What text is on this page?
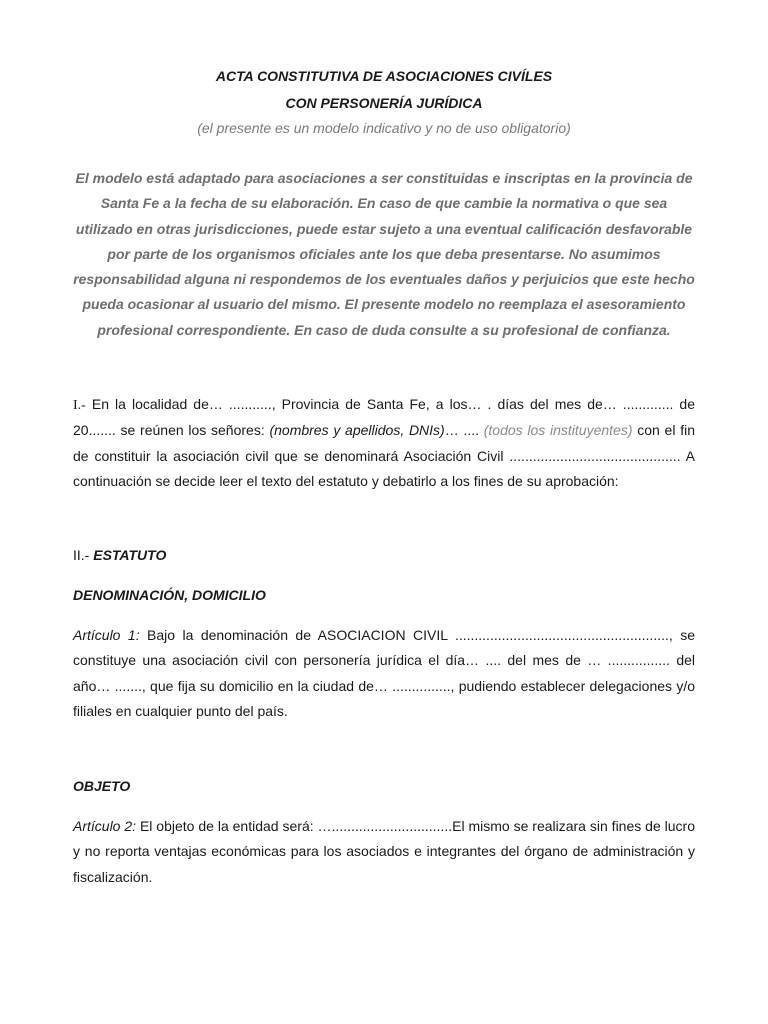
ACTA CONSTITUTIVA DE ASOCIACIONES CIVÍLES
CON PERSONERÍA JURÍDICA
(el presente es un modelo indicativo y no de uso obligatorio)

El modelo está adaptado para asociaciones a ser constituidas e inscriptas en la provincia de Santa Fe a la fecha de su elaboración. En caso de que cambie la normativa o que sea utilizado en otras jurisdicciones, puede estar sujeto a una eventual calificación desfavorable por parte de los organismos oficiales ante los que deba presentarse. No asumimos responsabilidad alguna ni respondemos de los eventuales daños y perjuicios que este hecho pueda ocasionar al usuario del mismo. El presente modelo no reemplaza el asesoramiento profesional correspondiente. En caso de duda consulte a su profesional de confianza.

I.- En la localidad de… ..........., Provincia de Santa Fe, a los… . días del mes de… ............. de 20....... se reúnen los señores: (nombres y apellidos, DNIs)… .... (todos los instituyentes) con el fin de constituir la asociación civil que se denominará Asociación Civil ............................................ A continuación se decide leer el texto del estatuto y debatirlo a los fines de su aprobación:

II.- ESTATUTO

DENOMINACIÓN, DOMICILIO

Artículo 1: Bajo la denominación de ASOCIACION CIVIL ......................................................., se constituye una asociación civil con personería jurídica el día… .... del mes de … ................ del año… ......., que fija su domicilio en la ciudad de… ..............., pudiendo establecer delegaciones y/o filiales en cualquier punto del país.

OBJETO

Artículo 2: El objeto de la entidad será: …...............................El mismo se realizara sin fines de lucro y no reporta ventajas económicas para los asociados e integrantes del órgano de administración y fiscalización.
